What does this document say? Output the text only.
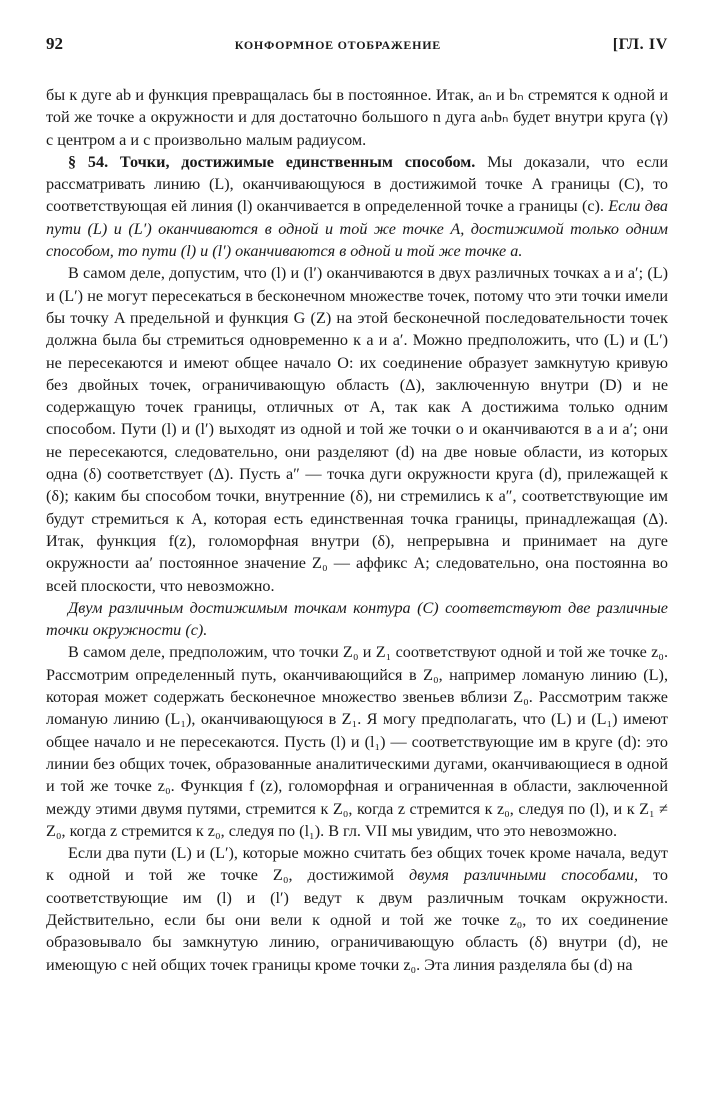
92	КОНФОРМНОЕ ОТОБРАЖЕНИЕ	[ГЛ. IV

бы к дуге ab и функция превращалась бы в постоянное. Итак, aₙ и bₙ стремятся к одной и той же точке a окружности и для достаточно большого n дуга aₙbₙ будет внутри круга (γ) с центром a и с произвольно малым радиусом.

§ 54. Точки, достижимые единственным способом. Мы доказали, что если рассматривать линию (L), оканчивающуюся в достижимой точке A границы (C), то соответствующая ей линия (l) оканчивается в определенной точке a границы (c). Если два пути (L) и (L′) оканчиваются в одной и той же точке A, достижимой только одним способом, то пути (l) и (l′) оканчиваются в одной и той же точке a.

В самом деле, допустим, что (l) и (l′) оканчиваются в двух различных точках a и a′; (L) и (L′) не могут пересекаться в бесконечном множестве точек, потому что эти точки имели бы точку A предельной и функция G (Z) на этой бесконечной последовательности точек должна была бы стремиться одновременно к a и a′. Можно предположить, что (L) и (L′) не пересекаются и имеют общее начало O: их соединение образует замкнутую кривую без двойных точек, ограничивающую область (Δ), заключенную внутри (D) и не содержащую точек границы, отличных от A, так как A достижима только одним способом. Пути (l) и (l′) выходят из одной и той же точки o и оканчиваются в a и a′; они не пересекаются, следовательно, они разделяют (d) на две новые области, из которых одна (δ) соответствует (Δ). Пусть a″ — точка дуги окружности круга (d), прилежащей к (δ); каким бы способом точки, внутренние (δ), ни стремились к a″, соответствующие им будут стремиться к A, которая есть единственная точка границы, принадлежащая (Δ). Итак, функция f(z), голоморфная внутри (δ), непрерывна и принимает на дуге окружности aa′ постоянное значение Z₀ — аффикс A; следовательно, она постоянна во всей плоскости, что невозможно.

Двум различным достижимым точкам контура (C) соответствуют две различные точки окружности (c).

В самом деле, предположим, что точки Z₀ и Z₁ соответствуют одной и той же точке z₀. Рассмотрим определенный путь, оканчивающийся в Z₀, например ломаную линию (L), которая может содержать бесконечное множество звеньев вблизи Z₀. Рассмотрим также ломаную линию (L₁), оканчивающуюся в Z₁. Я могу предполагать, что (L) и (L₁) имеют общее начало и не пересекаются. Пусть (l) и (l₁) — соответствующие им в круге (d): это линии без общих точек, образованные аналитическими дугами, оканчивающиеся в одной и той же точке z₀. Функция f (z), голоморфная и ограниченная в области, заключенной между этими двумя путями, стремится к Z₀, когда z стремится к z₀, следуя по (l), и к Z₁ ≠ Z₀, когда z стремится к z₀, следуя по (l₁). В гл. VII мы увидим, что это невозможно.

Если два пути (L) и (L′), которые можно считать без общих точек кроме начала, ведут к одной и той же точке Z₀, достижимой двумя различными способами, то соответствующие им (l) и (l′) ведут к двум различным точкам окружности. Действительно, если бы они вели к одной и той же точке z₀, то их соединение образовывало бы замкнутую линию, ограничивающую область (δ) внутри (d), не имеющую с ней общих точек границы кроме точки z₀. Эта линия разделяла бы (d) на
